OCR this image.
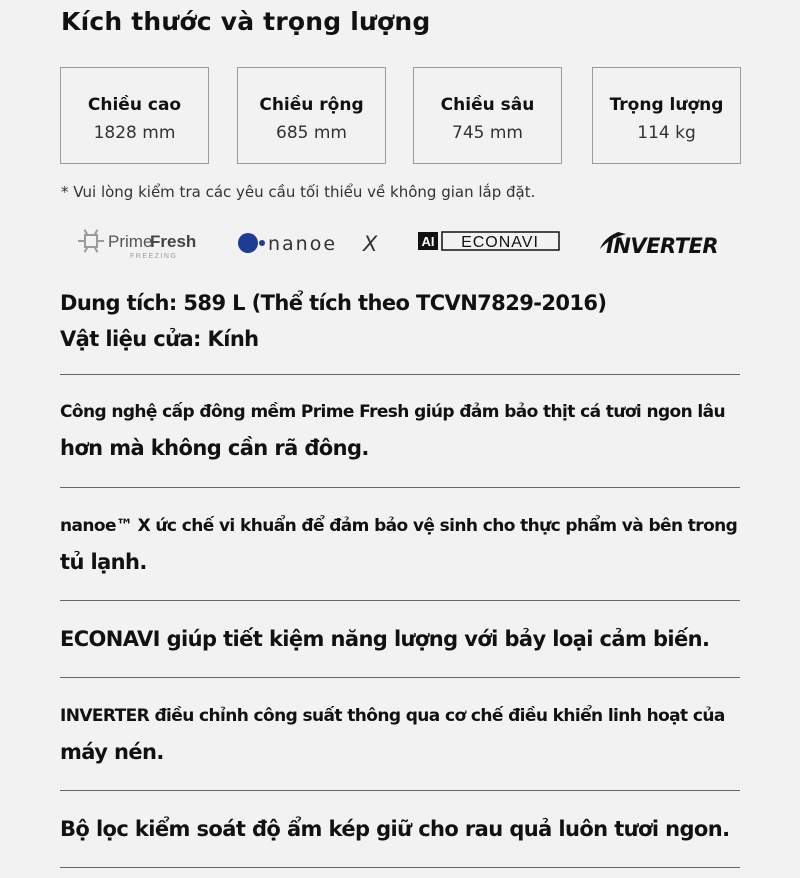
Kích thước và trọng lượng
Chiều cao
1828 mm
Chiều rộng
685 mm
Chiều sâu
745 mm
Trọng lượng
114 kg

* Vui lòng kiểm tra các yêu cầu tối thiểu về không gian lắp đặt.

Prime
Fresh
FREEZING
nanoe X	AI ECONAVI	INVERTER
Dung tích: 589 L (Thể tích theo TCVN7829-2016)
Vật liệu cửa: Kính
Công nghệ cấp đông mềm Prime Fresh giúp đảm bảo thịt cá tươi ngon lâu
hơn mà không cần rã đông.
nanoe™ X ức chế vi khuẩn để đảm bảo vệ sinh cho thực phẩm và bên trong
tủ lạnh.
ECONAVI giúp tiết kiệm năng lượng với bảy loại cảm biến.
INVERTER điều chỉnh công suất thông qua cơ chế điều khiển linh hoạt của
máy nén.
Bộ lọc kiểm soát độ ẩm kép giữ cho rau quả luôn tươi ngon.
